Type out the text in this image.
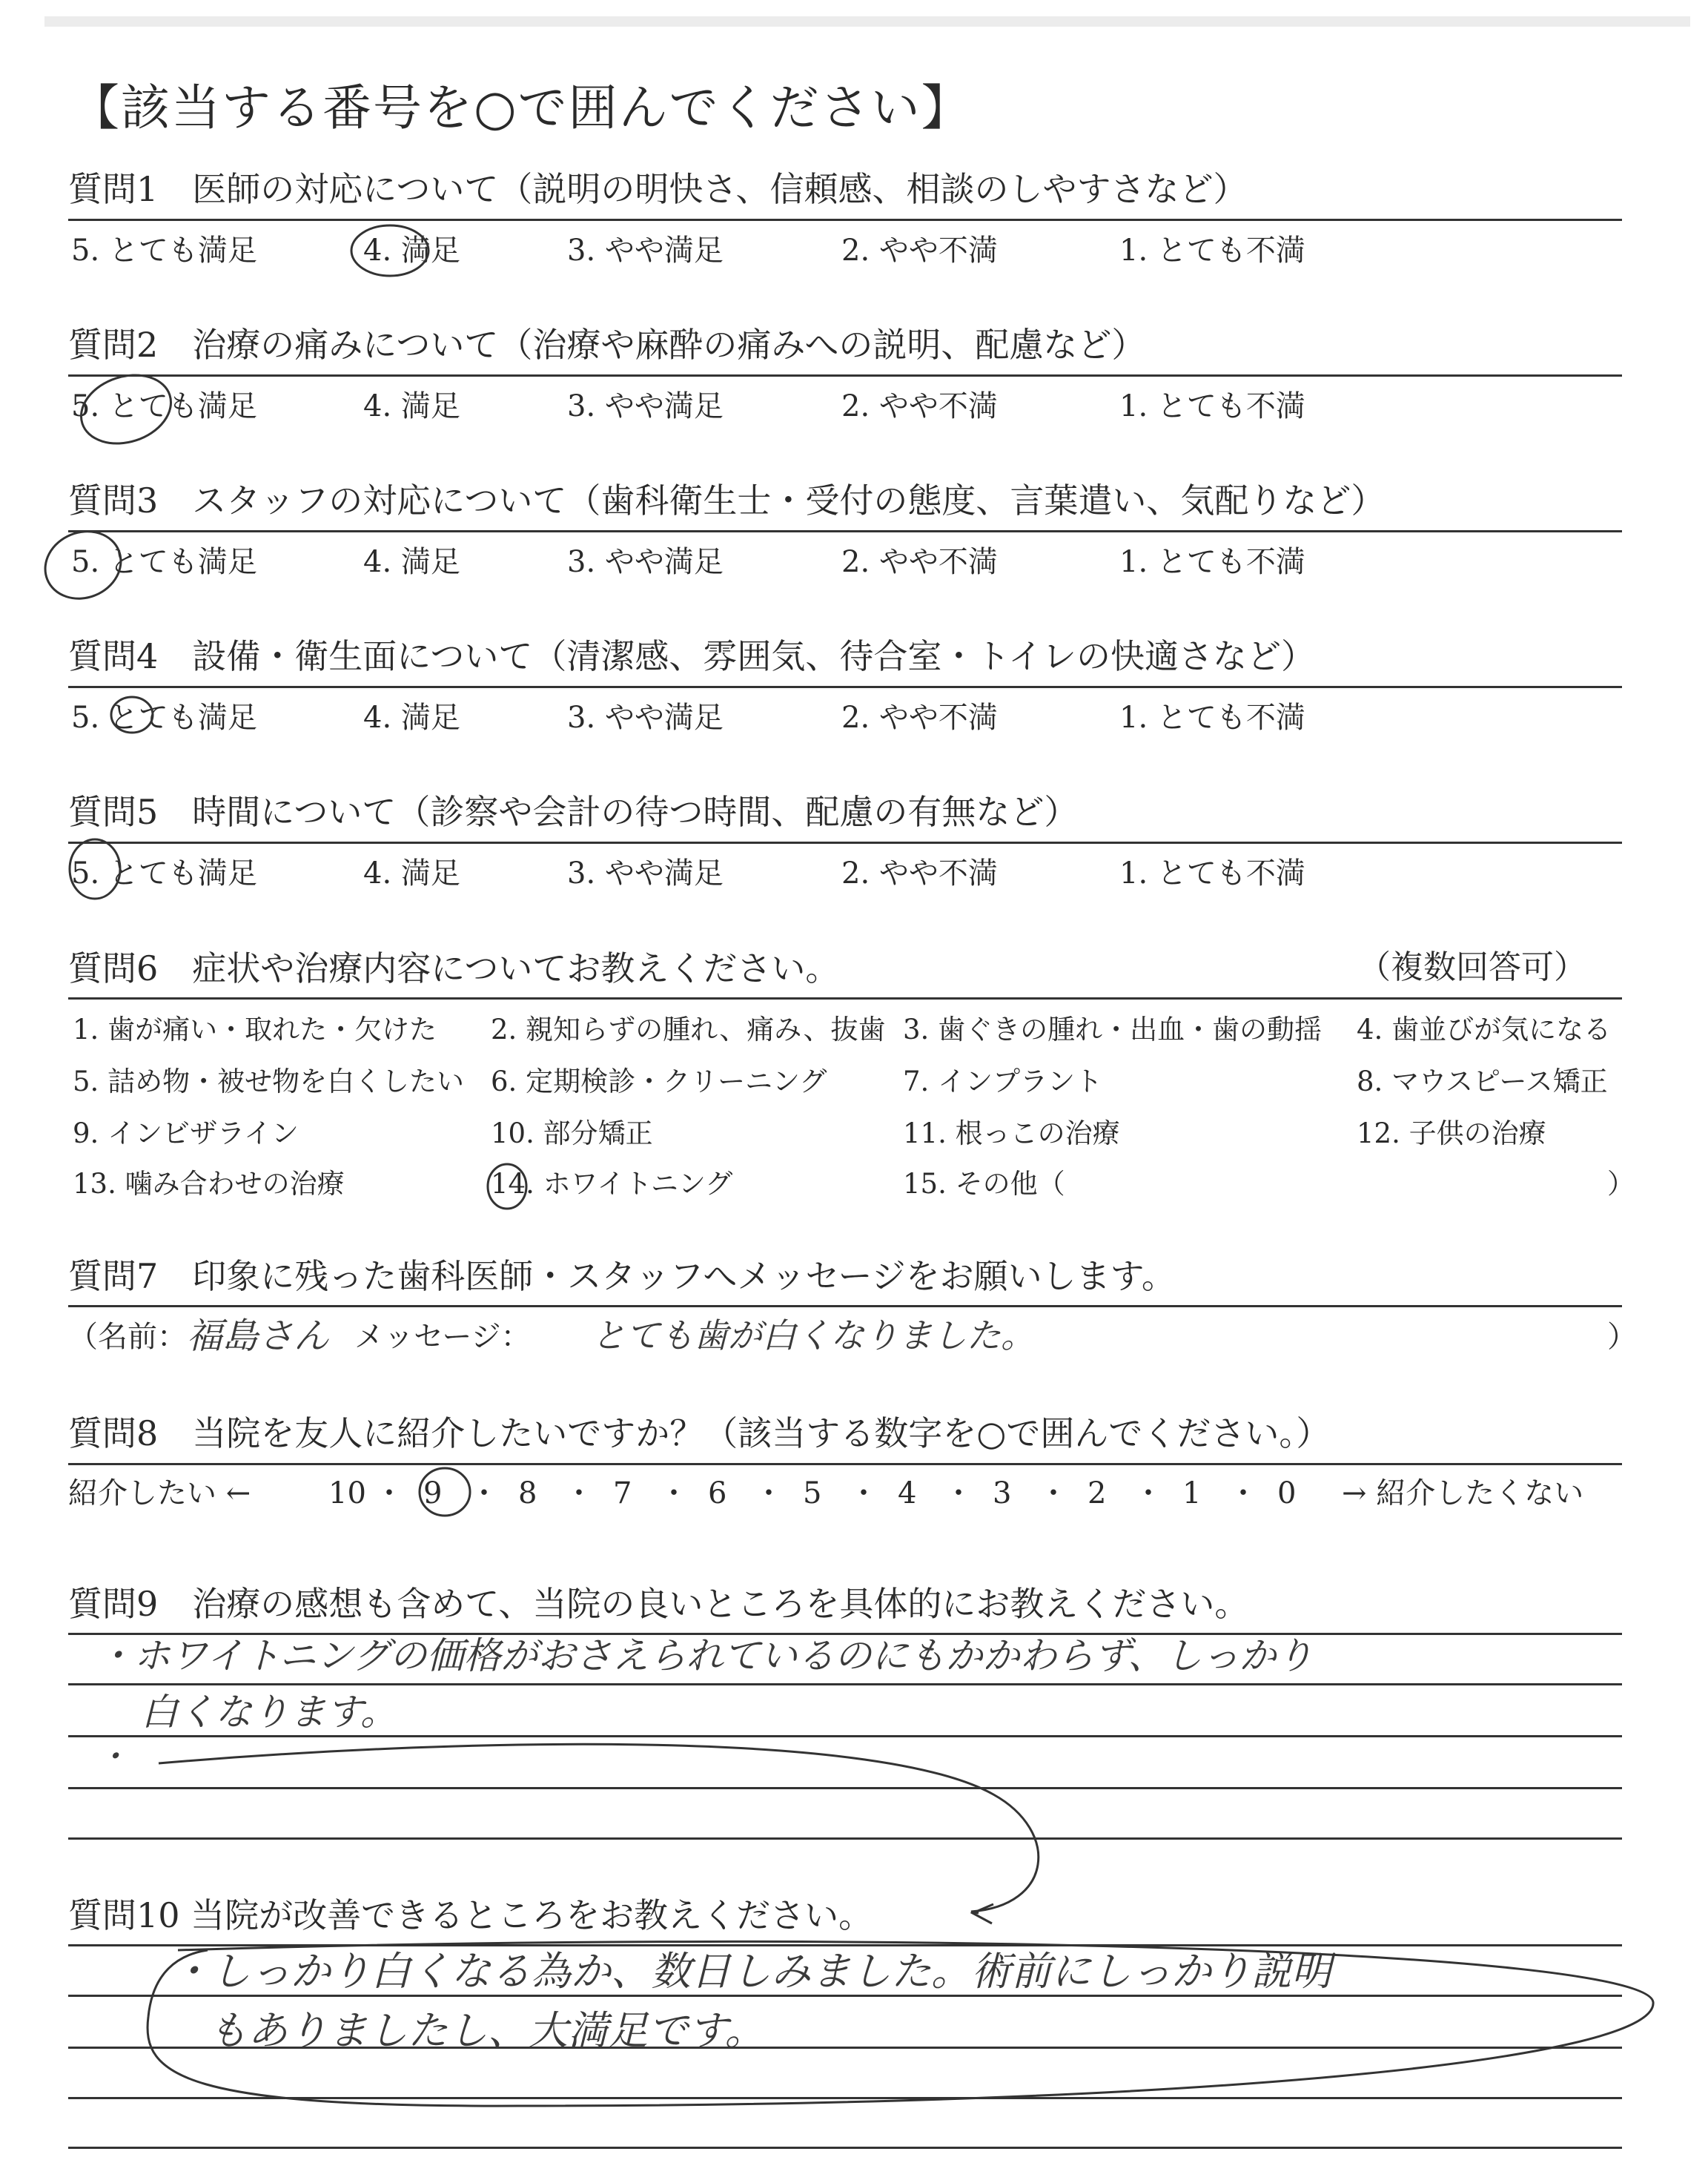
【該当する番号を○で囲んでください】
質問1　医師の対応について（説明の明快さ、信頼感、相談のしやすさなど）
5. とても満足	4. 満足	3. やや満足	2. やや不満	1. とても不満
質問2　治療の痛みについて（治療や麻酔の痛みへの説明、配慮など）
5. とても満足	4. 満足	3. やや満足	2. やや不満	1. とても不満
質問3　スタッフの対応について（歯科衛生士・受付の態度、言葉遣い、気配りなど）
5. とても満足	4. 満足	3. やや満足	2. やや不満	1. とても不満
質問4　設備・衛生面について（清潔感、雰囲気、待合室・トイレの快適さなど）
5. とても満足	4. 満足	3. やや満足	2. やや不満	1. とても不満
質問5　時間について（診察や会計の待つ時間、配慮の有無など）
5. とても満足	4. 満足	3. やや満足	2. やや不満	1. とても不満
質問6　症状や治療内容についてお教えください。	（複数回答可）
1. 歯が痛い・取れた・欠けた 2. 親知らずの腫れ、痛み、抜歯 3. 歯ぐきの腫れ・出血・歯の動揺 4. 歯並びが気になる
5. 詰め物・被せ物を白くしたい 6. 定期検診・クリーニング	7. インプラント	8. マウスピース矯正
9. インビザライン	10. 部分矯正	11. 根っこの治療	12. 子供の治療
13. 噛み合わせの治療	14. ホワイトニング	15. その他（	）
質問7　印象に残った歯科医師・スタッフへメッセージをお願いします。
（名前： 福島さん メッセージ： とても歯が白くなりました。	）
質問8　当院を友人に紹介したいですか？（該当する数字を○で囲んでください。）
紹介したい ←	10 ・ 9 ・ 8 ・ 7 ・ 6 ・ 5 ・ 4 ・ 3 ・ 2 ・ 1 ・ 0 → 紹介したくない
質問9　治療の感想も含めて、当院の良いところを具体的にお教えください。
・ホワイトニングの価格がおさえられているのにもかかわらず、しっかり
白くなります。
・
質問10 当院が改善できるところをお教えください。
・しっかり白くなる為か、数日しみました。術前にしっかり説明
もありましたし、大満足です。
